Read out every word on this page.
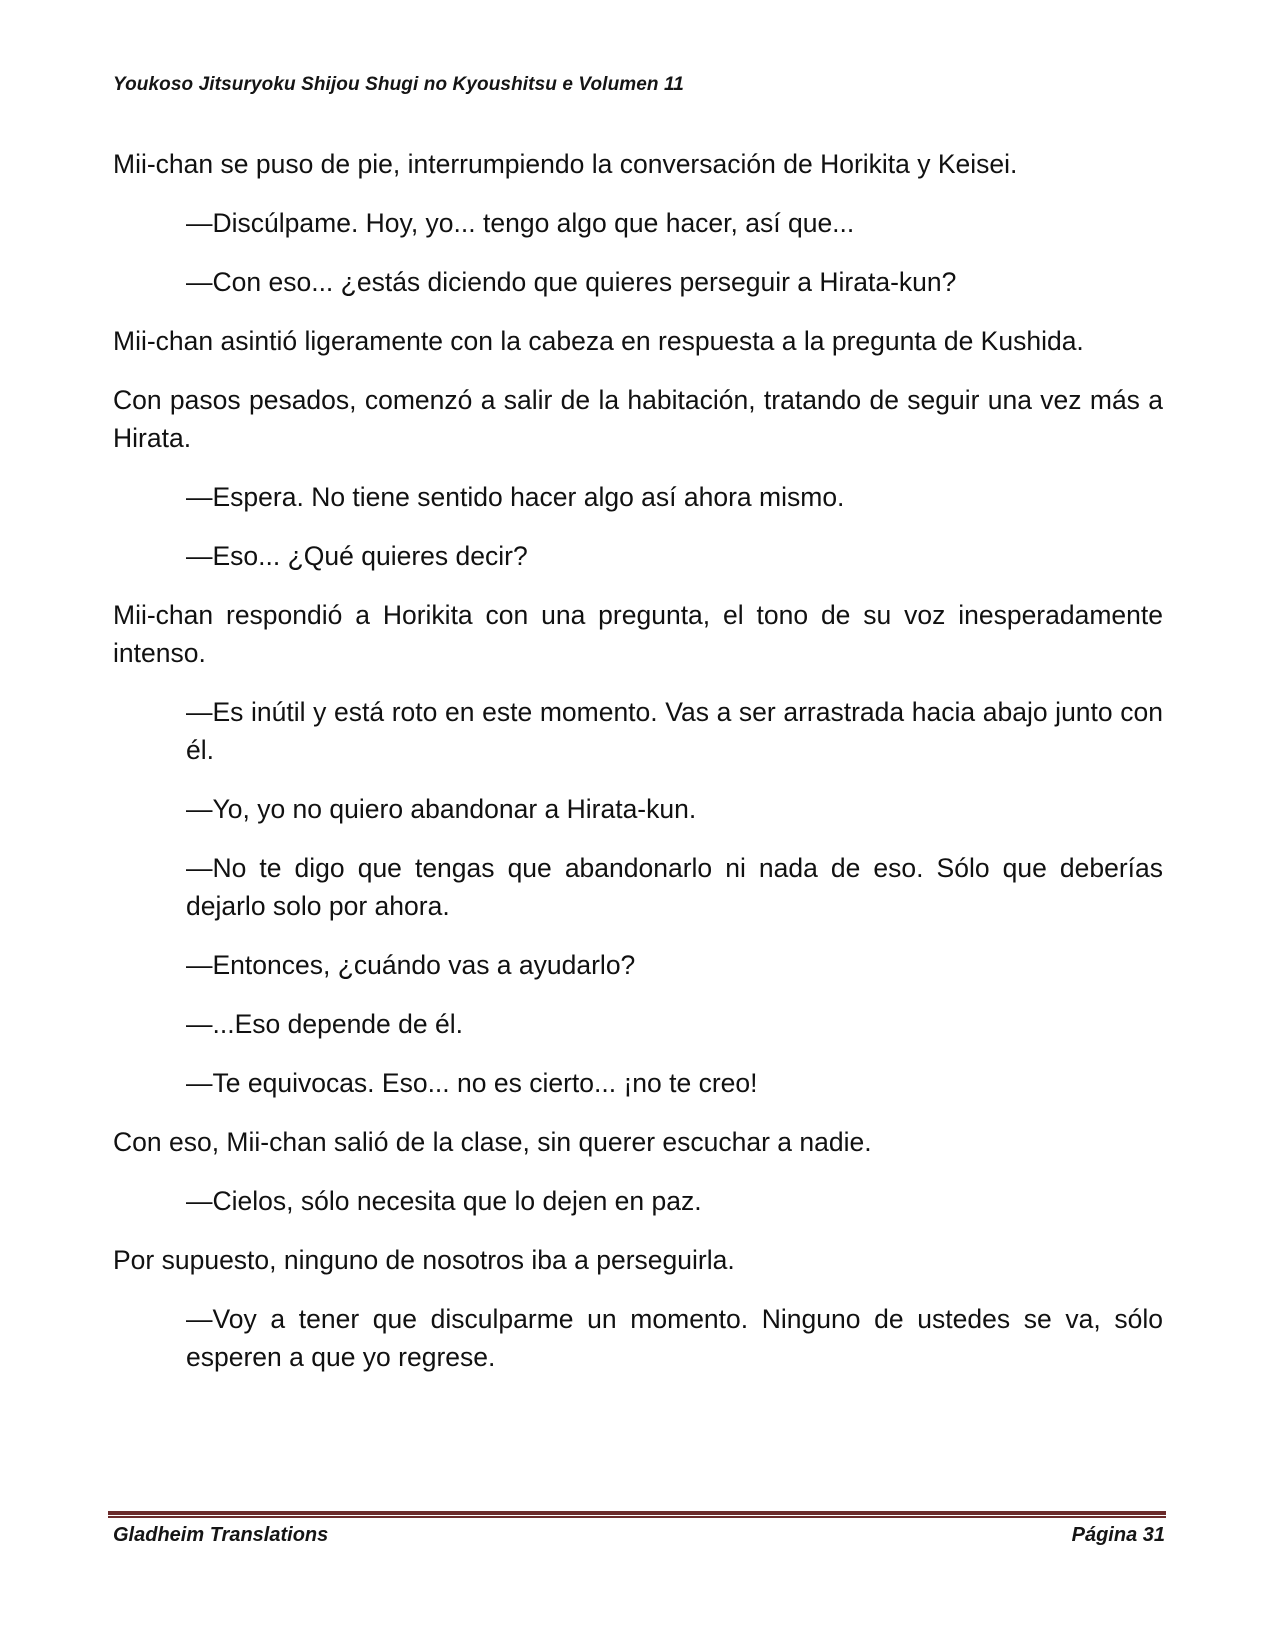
Youkoso Jitsuryoku Shijou Shugi no Kyoushitsu e Volumen 11

Mii-chan se puso de pie, interrumpiendo la conversación de Horikita y Keisei.

—Discúlpame. Hoy, yo... tengo algo que hacer, así que...

—Con eso... ¿estás diciendo que quieres perseguir a Hirata-kun?

Mii-chan asintió ligeramente con la cabeza en respuesta a la pregunta de Kushida.

Con pasos pesados, comenzó a salir de la habitación, tratando de seguir una vez más a Hirata.

—Espera. No tiene sentido hacer algo así ahora mismo.

—Eso... ¿Qué quieres decir?

Mii-chan respondió a Horikita con una pregunta, el tono de su voz inesperadamente intenso.

—Es inútil y está roto en este momento. Vas a ser arrastrada hacia abajo junto con él.

—Yo, yo no quiero abandonar a Hirata-kun.

—No te digo que tengas que abandonarlo ni nada de eso. Sólo que deberías dejarlo solo por ahora.

—Entonces, ¿cuándo vas a ayudarlo?

—...Eso depende de él.

—Te equivocas. Eso... no es cierto... ¡no te creo!

Con eso, Mii-chan salió de la clase, sin querer escuchar a nadie.

—Cielos, sólo necesita que lo dejen en paz.

Por supuesto, ninguno de nosotros iba a perseguirla.

—Voy a tener que disculparme un momento. Ninguno de ustedes se va, sólo esperen a que yo regrese.

Gladheim Translations	Página 31
